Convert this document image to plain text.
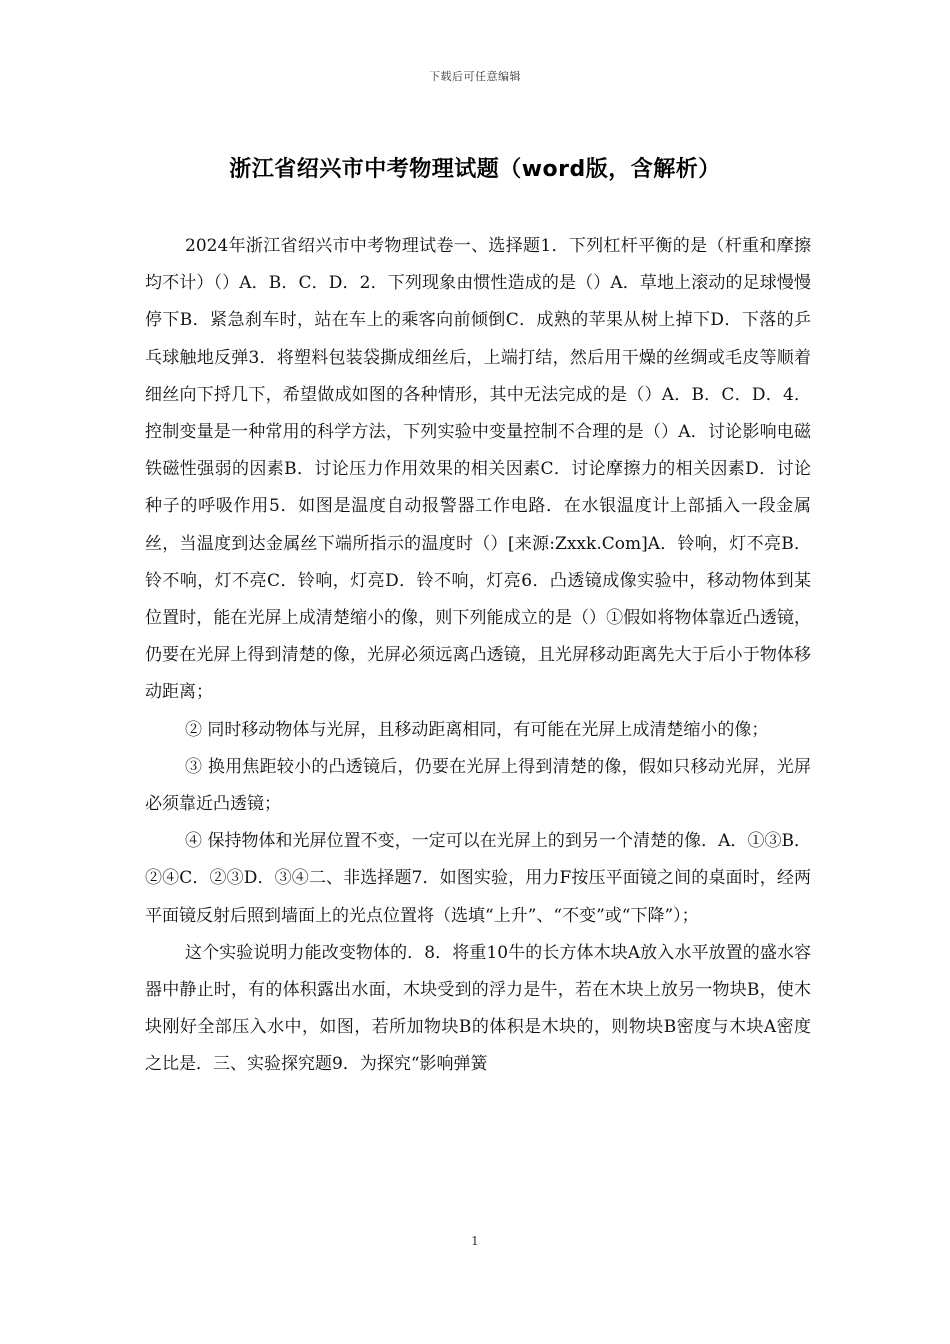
下载后可任意编辑
浙江省绍兴市中考物理试题（word版，含解析）

2024年浙江省绍兴市中考物理试卷一、选择题1．下列杠杆平衡的是（杆重和摩擦均不计）（）A．B．C．D．2．下列现象由惯性造成的是（）A．草地上滚动的足球慢慢停下B．紧急刹车时，站在车上的乘客向前倾倒C．成熟的苹果从树上掉下D．下落的乒乓球触地反弹3．将塑料包装袋撕成细丝后，上端打结，然后用干燥的丝绸或毛皮等顺着细丝向下捋几下，希望做成如图的各种情形，其中无法完成的是（）A．B．C．D．4．控制变量是一种常用的科学方法，下列实验中变量控制不合理的是（）A．讨论影响电磁铁磁性强弱的因素B．讨论压力作用效果的相关因素C．讨论摩擦力的相关因素D．讨论种子的呼吸作用5．如图是温度自动报警器工作电路．在水银温度计上部插入一段金属丝，当温度到达金属丝下端所指示的温度时（）[来源:Zxxk.Com]A．铃响，灯不亮B．铃不响，灯不亮C．铃响，灯亮D．铃不响，灯亮6．凸透镜成像实验中，移动物体到某位置时，能在光屏上成清楚缩小的像，则下列能成立的是（）①假如将物体靠近凸透镜，仍要在光屏上得到清楚的像，光屏必须远离凸透镜，且光屏移动距离先大于后小于物体移动距离；

② 同时移动物体与光屏，且移动距离相同，有可能在光屏上成清楚缩小的像；

③ 换用焦距较小的凸透镜后，仍要在光屏上得到清楚的像，假如只移动光屏，光屏必须靠近凸透镜；

④ 保持物体和光屏位置不变，一定可以在光屏上的到另一个清楚的像．A．①③B．②④C．②③D．③④二、非选择题7．如图实验，用力F按压平面镜之间的桌面时，经两平面镜反射后照到墙面上的光点位置将（选填“上升”、“不变”或“下降”）；

这个实验说明力能改变物体的．8．将重10牛的长方体木块A放入水平放置的盛水容器中静止时，有的体积露出水面，木块受到的浮力是牛，若在木块上放另一物块B，使木块刚好全部压入水中，如图，若所加物块B的体积是木块的，则物块B密度与木块A密度之比是．三、实验探究题9．为探究“影响弹簧

1
